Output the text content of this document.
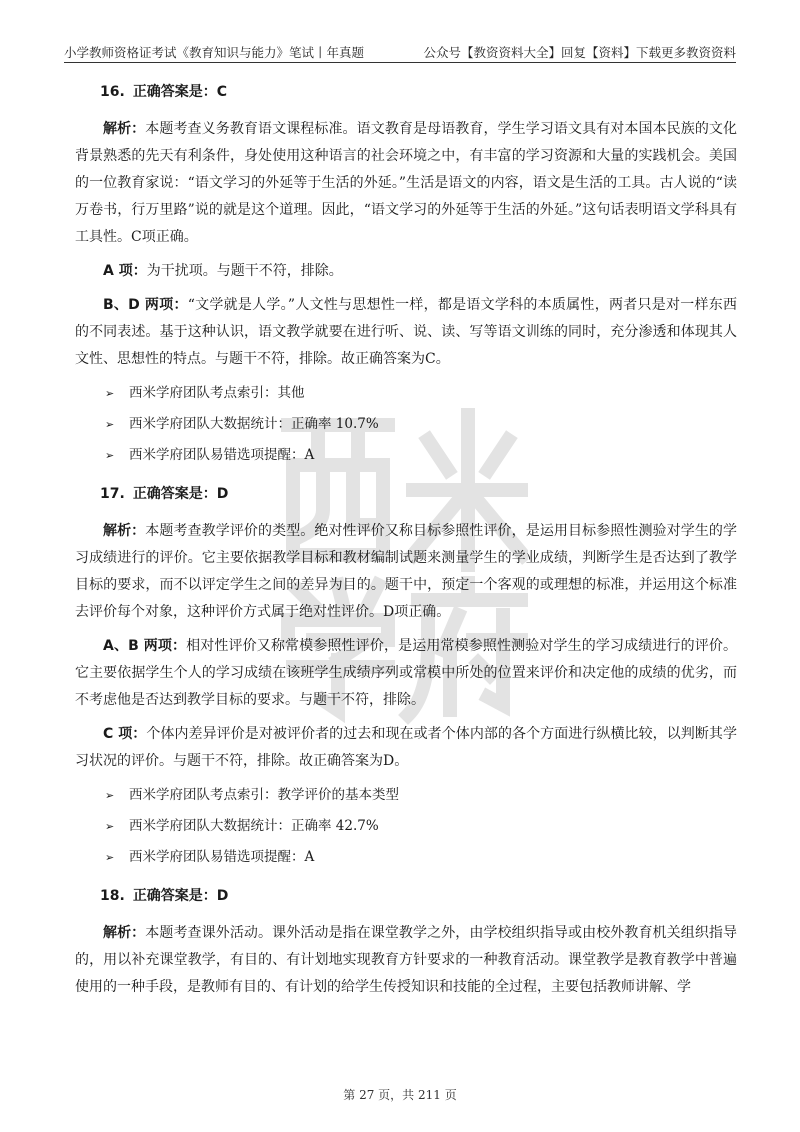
小学教师资格证考试《教育知识与能力》笔试丨年真题	公众号【教资资料大全】回复【资料】下载更多教资资料
16. 正确答案是：C

解析：本题考查义务教育语文课程标准。语文教育是母语教育，学生学习语文具有对本国本民族的文化背景熟悉的先天有利条件，身处使用这种语言的社会环境之中，有丰富的学习资源和大量的实践机会。美国的一位教育家说：“语文学习的外延等于生活的外延。”生活是语文的内容，语文是生活的工具。古人说的“读万卷书，行万里路”说的就是这个道理。因此，“语文学习的外延等于生活的外延。”这句话表明语文学科具有工具性。C项正确。

A 项：为干扰项。与题干不符，排除。

B、D 两项：“文学就是人学。”人文性与思想性一样，都是语文学科的本质属性，两者只是对一样东西的不同表述。基于这种认识，语文教学就要在进行听、说、读、写等语文训练的同时，充分渗透和体现其人文性、思想性的特点。与题干不符，排除。故正确答案为C。

➢ 西米学府团队考点索引：其他
➢ 西米学府团队大数据统计：正确率 10.7%
➢ 西米学府团队易错选项提醒：A
17. 正确答案是：D

解析：本题考查教学评价的类型。绝对性评价又称目标参照性评价，是运用目标参照性测验对学生的学习成绩进行的评价。它主要依据教学目标和教材编制试题来测量学生的学业成绩，判断学生是否达到了教学目标的要求，而不以评定学生之间的差异为目的。题干中，预定一个客观的或理想的标准，并运用这个标准去评价每个对象，这种评价方式属于绝对性评价。D项正确。

A、B 两项：相对性评价又称常模参照性评价，是运用常模参照性测验对学生的学习成绩进行的评价。它主要依据学生个人的学习成绩在该班学生成绩序列或常模中所处的位置来评价和决定他的成绩的优劣，而不考虑他是否达到教学目标的要求。与题干不符，排除。

C 项：个体内差异评价是对被评价者的过去和现在或者个体内部的各个方面进行纵横比较，以判断其学习状况的评价。与题干不符，排除。故正确答案为D。

➢ 西米学府团队考点索引：教学评价的基本类型
➢ 西米学府团队大数据统计：正确率 42.7%
➢ 西米学府团队易错选项提醒：A
18. 正确答案是：D

解析：本题考查课外活动。课外活动是指在课堂教学之外，由学校组织指导或由校外教育机关组织指导的，用以补充课堂教学，有目的、有计划地实现教育方针要求的一种教育活动。课堂教学是教育教学中普遍使用的一种手段，是教师有目的、有计划的给学生传授知识和技能的全过程，主要包括教师讲解、学

第 27 页，共 211 页
